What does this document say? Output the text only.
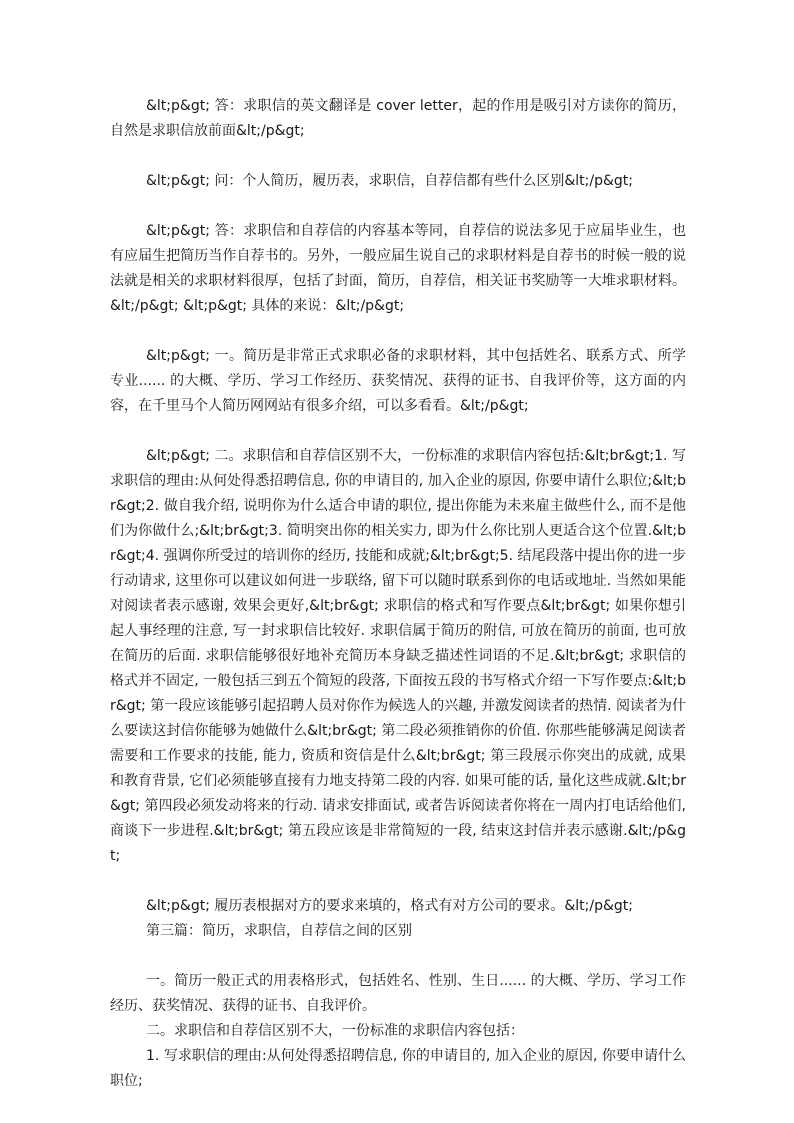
&lt;p&gt; 答：求职信的英文翻译是 cover letter，起的作用是吸引对方读你的简历，自然是求职信放前面&lt;/p&gt;

&lt;p&gt; 问：个人简历，履历表，求职信，自荐信都有些什么区别&lt;/p&gt;

&lt;p&gt; 答：求职信和自荐信的内容基本等同，自荐信的说法多见于应届毕业生，也有应届生把简历当作自荐书的。另外，一般应届生说自己的求职材料是自荐书的时候一般的说法就是相关的求职材料很厚，包括了封面，简历，自荐信，相关证书奖励等一大堆求职材料。&lt;/p&gt; &lt;p&gt; 具体的来说：&lt;/p&gt;

&lt;p&gt; 一。简历是非常正式求职必备的求职材料，其中包括姓名、联系方式、所学专业...... 的大概、学历、学习工作经历、获奖情况、获得的证书、自我评价等，这方面的内容，在千里马个人简历网网站有很多介绍，可以多看看。&lt;/p&gt;

&lt;p&gt; 二。求职信和自荐信区别不大，一份标准的求职信内容包括:&lt;br&gt;1. 写求职信的理由:从何处得悉招聘信息, 你的申请目的, 加入企业的原因, 你要申请什么职位;&lt;br&gt;2. 做自我介绍, 说明你为什么适合申请的职位, 提出你能为未来雇主做些什么, 而不是他们为你做什么;&lt;br&gt;3. 简明突出你的相关实力, 即为什么你比别人更适合这个位置.&lt;br&gt;4. 强调你所受过的培训你的经历, 技能和成就;&lt;br&gt;5. 结尾段落中提出你的进一步行动请求, 这里你可以建议如何进一步联络, 留下可以随时联系到你的电话或地址. 当然如果能对阅读者表示感谢, 效果会更好,&lt;br&gt; 求职信的格式和写作要点&lt;br&gt; 如果你想引起人事经理的注意, 写一封求职信比较好. 求职信属于简历的附信, 可放在简历的前面, 也可放在简历的后面. 求职信能够很好地补充简历本身缺乏描述性词语的不足.&lt;br&gt; 求职信的格式并不固定, 一般包括三到五个简短的段落, 下面按五段的书写格式介绍一下写作要点:&lt;br&gt; 第一段应该能够引起招聘人员对你作为候选人的兴趣, 并激发阅读者的热情. 阅读者为什么要读这封信你能够为她做什么&lt;br&gt; 第二段必须推销你的价值. 你那些能够满足阅读者需要和工作要求的技能, 能力, 资质和资信是什么&lt;br&gt; 第三段展示你突出的成就, 成果和教育背景, 它们必须能够直接有力地支持第二段的内容. 如果可能的话, 量化这些成就.&lt;br&gt; 第四段必须发动将来的行动. 请求安排面试, 或者告诉阅读者你将在一周内打电话给他们, 商谈下一步进程.&lt;br&gt; 第五段应该是非常简短的一段, 结束这封信并表示感谢.&lt;/p&gt;

&lt;p&gt; 履历表根据对方的要求来填的，格式有对方公司的要求。&lt;/p&gt;

第三篇：简历，求职信，自荐信之间的区别

一。简历一般正式的用表格形式，包括姓名、性别、生日...... 的大概、学历、学习工作经历、获奖情况、获得的证书、自我评价。

二。求职信和自荐信区别不大，一份标准的求职信内容包括：

1. 写求职信的理由:从何处得悉招聘信息, 你的申请目的, 加入企业的原因, 你要申请什么职位;
